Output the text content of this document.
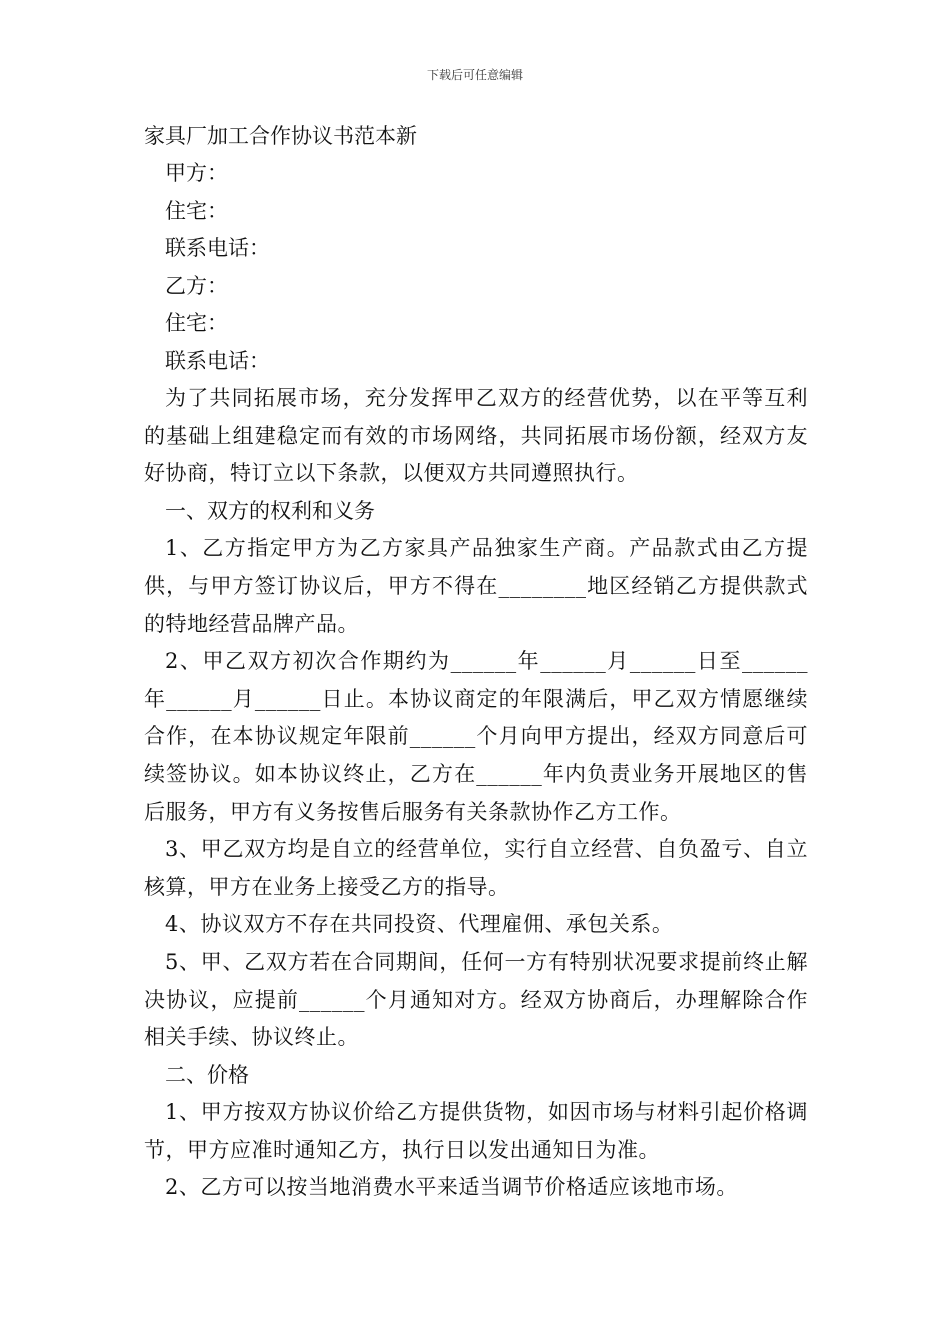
下载后可任意编辑
家具厂加工合作协议书范本新

甲方：

住宅：

联系电话：

乙方：

住宅：

联系电话：

为了共同拓展市场，充分发挥甲乙双方的经营优势，以在平等互利的基础上组建稳定而有效的市场网络，共同拓展市场份额，经双方友好协商，特订立以下条款，以便双方共同遵照执行。

一、双方的权利和义务

1、乙方指定甲方为乙方家具产品独家生产商。产品款式由乙方提供，与甲方签订协议后，甲方不得在________地区经销乙方提供款式的特地经营品牌产品。

2、甲乙双方初次合作期约为______年______月______日至______年______月______日止。本协议商定的年限满后，甲乙双方情愿继续合作，在本协议规定年限前______个月向甲方提出，经双方同意后可续签协议。如本协议终止，乙方在______年内负责业务开展地区的售后服务，甲方有义务按售后服务有关条款协作乙方工作。

3、甲乙双方均是自立的经营单位，实行自立经营、自负盈亏、自立核算，甲方在业务上接受乙方的指导。

4、协议双方不存在共同投资、代理雇佣、承包关系。

5、甲、乙双方若在合同期间，任何一方有特别状况要求提前终止解决协议，应提前______个月通知对方。经双方协商后，办理解除合作相关手续、协议终止。

二、价格

1、甲方按双方协议价给乙方提供货物，如因市场与材料引起价格调节，甲方应准时通知乙方，执行日以发出通知日为准。

2、乙方可以按当地消费水平来适当调节价格适应该地市场。
